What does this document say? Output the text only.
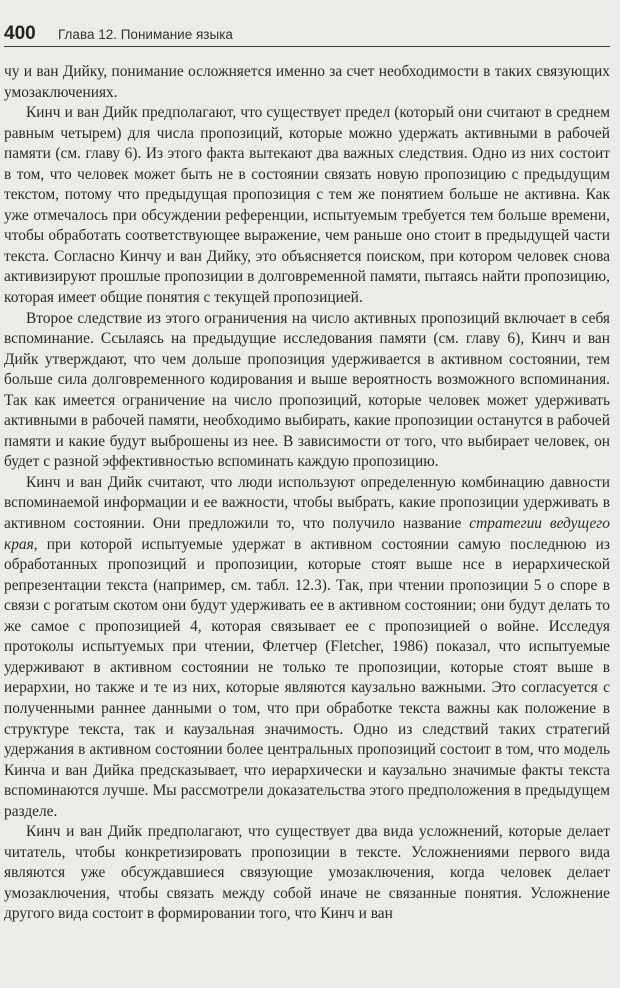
400 Глава 12. Понимание языка

чу и ван Дийку, понимание осложняется именно за счет необходимости в таких связующих умозаключениях.

Кинч и ван Дийк предполагают, что существует предел (который они считают в среднем равным четырем) для числа пропозиций, которые можно удержать активными в рабочей памяти (см. главу 6). Из этого факта вытекают два важных следствия. Одно из них состоит в том, что человек может быть не в состоянии связать новую пропозицию с предыдущим текстом, потому что предыдущая пропозиция с тем же понятием больше не активна. Как уже отмечалось при обсуждении референции, испытуемым требуется тем больше времени, чтобы обработать соответствующее выражение, чем раньше оно стоит в предыдущей части текста. Согласно Кинчу и ван Дийку, это объясняется поиском, при котором человек снова активизируют прошлые пропозиции в долговременной памяти, пытаясь найти пропозицию, которая имеет общие понятия с текущей пропозицией.

Второе следствие из этого ограничения на число активных пропозиций включает в себя вспоминание. Ссылаясь на предыдущие исследования памяти (см. главу 6), Кинч и ван Дийк утверждают, что чем дольше пропозиция удерживается в активном состоянии, тем больше сила долговременного кодирования и выше вероятность возможного вспоминания. Так как имеется ограничение на число пропозиций, которые человек может удерживать активными в рабочей памяти, необходимо выбирать, какие пропозиции останутся в рабочей памяти и какие будут выброшены из нее. В зависимости от того, что выбирает человек, он будет с разной эффективностью вспоминать каждую пропозицию.

Кинч и ван Дийк считают, что люди используют определенную комбинацию давности вспоминаемой информации и ее важности, чтобы выбрать, какие пропозиции удерживать в активном состоянии. Они предложили то, что получило название стратегии ведущего края, при которой испытуемые удержат в активном состоянии самую последнюю из обработанных пропозиций и пропозиции, которые стоят выше нсе в иерархической репрезентации текста (например, см. табл. 12.3). Так, при чтении пропозиции 5 о споре в связи с рогатым скотом они будут удерживать ее в активном состоянии; они будут делать то же самое с пропозицией 4, которая связывает ее с пропозицией о войне. Исследуя протоколы испытуемых при чтении, Флетчер (Fletcher, 1986) показал, что испытуемые удерживают в активном состоянии не только те пропозиции, которые стоят выше в иерархии, но также и те из них, которые являются каузально важными. Это согласуется с полученными раннее данными о том, что при обработке текста важны как положение в структуре текста, так и каузальная значимость. Одно из следствий таких стратегий удержания в активном состоянии более центральных пропозиций состоит в том, что модель Кинча и ван Дийка предсказывает, что иерархически и каузально значимые факты текста вспоминаются лучше. Мы рассмотрели доказательства этого предположения в предыдущем разделе.

Кинч и ван Дийк предполагают, что существует два вида усложнений, которые делает читатель, чтобы конкретизировать пропозиции в тексте. Усложнениями первого вида являются уже обсуждавшиеся связующие умозаключения, когда человек делает умозаключения, чтобы связать между собой иначе не связанные понятия. Усложнение другого вида состоит в формировании того, что Кинч и ван
